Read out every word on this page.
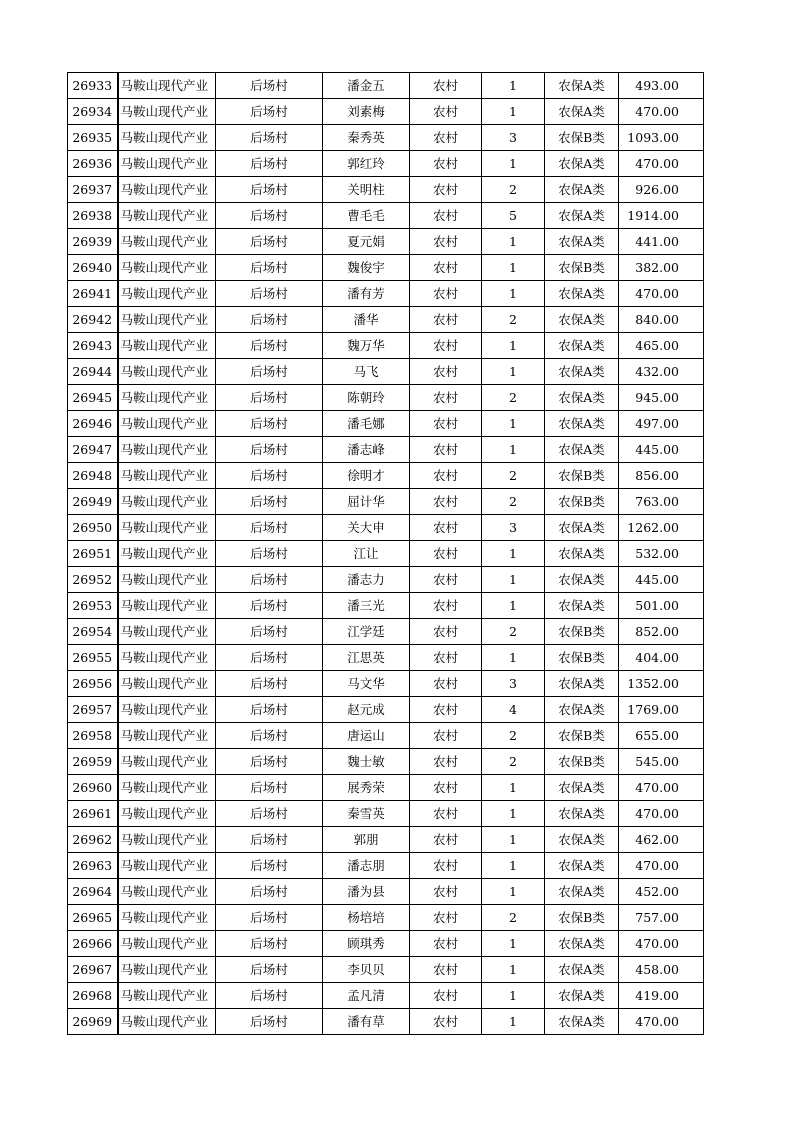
26933	马鞍山现代产业	后场村	潘金五	农村	1	农保A类	493.00
26934	马鞍山现代产业	后场村	刘素梅	农村	1	农保A类	470.00
26935	马鞍山现代产业	后场村	秦秀英	农村	3	农保B类	1093.00
26936	马鞍山现代产业	后场村	郭红玲	农村	1	农保A类	470.00
26937	马鞍山现代产业	后场村	关明柱	农村	2	农保A类	926.00
26938	马鞍山现代产业	后场村	曹毛毛	农村	5	农保A类	1914.00
26939	马鞍山现代产业	后场村	夏元娟	农村	1	农保A类	441.00
26940	马鞍山现代产业	后场村	魏俊宇	农村	1	农保B类	382.00
26941	马鞍山现代产业	后场村	潘有芳	农村	1	农保A类	470.00
26942	马鞍山现代产业	后场村	潘华	农村	2	农保A类	840.00
26943	马鞍山现代产业	后场村	魏万华	农村	1	农保A类	465.00
26944	马鞍山现代产业	后场村	马飞	农村	1	农保A类	432.00
26945	马鞍山现代产业	后场村	陈朝玲	农村	2	农保A类	945.00
26946	马鞍山现代产业	后场村	潘毛娜	农村	1	农保A类	497.00
26947	马鞍山现代产业	后场村	潘志峰	农村	1	农保A类	445.00
26948	马鞍山现代产业	后场村	徐明才	农村	2	农保B类	856.00
26949	马鞍山现代产业	后场村	屈计华	农村	2	农保B类	763.00
26950	马鞍山现代产业	后场村	关大申	农村	3	农保A类	1262.00
26951	马鞍山现代产业	后场村	江让	农村	1	农保A类	532.00
26952	马鞍山现代产业	后场村	潘志力	农村	1	农保A类	445.00
26953	马鞍山现代产业	后场村	潘三光	农村	1	农保A类	501.00
26954	马鞍山现代产业	后场村	江学廷	农村	2	农保B类	852.00
26955	马鞍山现代产业	后场村	江思英	农村	1	农保B类	404.00
26956	马鞍山现代产业	后场村	马文华	农村	3	农保A类	1352.00
26957	马鞍山现代产业	后场村	赵元成	农村	4	农保A类	1769.00
26958	马鞍山现代产业	后场村	唐运山	农村	2	农保B类	655.00
26959	马鞍山现代产业	后场村	魏士敏	农村	2	农保B类	545.00
26960	马鞍山现代产业	后场村	展秀荣	农村	1	农保A类	470.00
26961	马鞍山现代产业	后场村	秦雪英	农村	1	农保A类	470.00
26962	马鞍山现代产业	后场村	郭朋	农村	1	农保A类	462.00
26963	马鞍山现代产业	后场村	潘志朋	农村	1	农保A类	470.00
26964	马鞍山现代产业	后场村	潘为县	农村	1	农保A类	452.00
26965	马鞍山现代产业	后场村	杨培培	农村	2	农保B类	757.00
26966	马鞍山现代产业	后场村	顾琪秀	农村	1	农保A类	470.00
26967	马鞍山现代产业	后场村	李贝贝	农村	1	农保A类	458.00
26968	马鞍山现代产业	后场村	孟凡清	农村	1	农保A类	419.00
26969	马鞍山现代产业	后场村	潘有草	农村	1	农保A类	470.00
